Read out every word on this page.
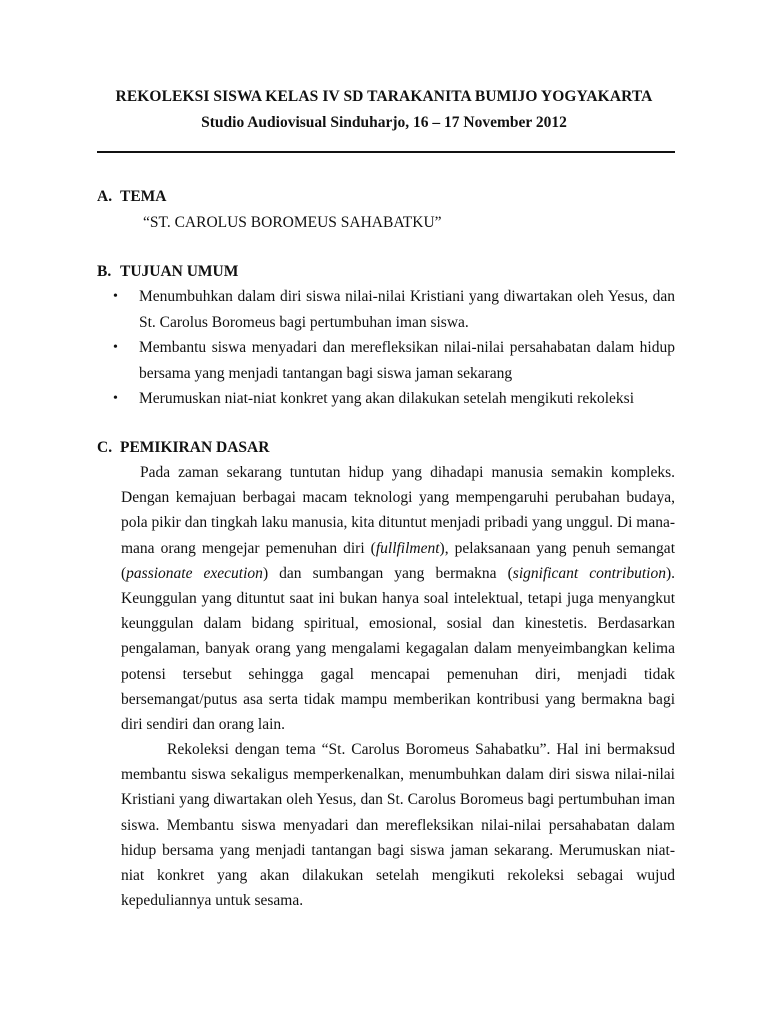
REKOLEKSI SISWA KELAS IV SD TARAKANITA BUMIJO YOGYAKARTA
Studio Audiovisual Sinduharjo, 16 – 17 November 2012
A. TEMA
“ST. CAROLUS BOROMEUS SAHABATKU”
B. TUJUAN UMUM
• Menumbuhkan dalam diri siswa nilai-nilai Kristiani yang diwartakan oleh Yesus, dan St. Carolus Boromeus bagi pertumbuhan iman siswa.
• Membantu siswa menyadari dan merefleksikan nilai-nilai persahabatan dalam hidup bersama yang menjadi tantangan bagi siswa jaman sekarang
• Merumuskan niat-niat konkret yang akan dilakukan setelah mengikuti rekoleksi
C. PEMIKIRAN DASAR

Pada zaman sekarang tuntutan hidup yang dihadapi manusia semakin kompleks. Dengan kemajuan berbagai macam teknologi yang mempengaruhi perubahan budaya, pola pikir dan tingkah laku manusia, kita dituntut menjadi pribadi yang unggul. Di mana-mana orang mengejar pemenuhan diri (fullfilment), pelaksanaan yang penuh semangat (passionate execution) dan sumbangan yang bermakna (significant contribution). Keunggulan yang dituntut saat ini bukan hanya soal intelektual, tetapi juga menyangkut keunggulan dalam bidang spiritual, emosional, sosial dan kinestetis. Berdasarkan pengalaman, banyak orang yang mengalami kegagalan dalam menyeimbangkan kelima potensi tersebut sehingga gagal mencapai pemenuhan diri, menjadi tidak bersemangat/putus asa serta tidak mampu memberikan kontribusi yang bermakna bagi diri sendiri dan orang lain.

Rekoleksi dengan tema “St. Carolus Boromeus Sahabatku”. Hal ini bermaksud membantu siswa sekaligus memperkenalkan, menumbuhkan dalam diri siswa nilai-nilai Kristiani yang diwartakan oleh Yesus, dan St. Carolus Boromeus bagi pertumbuhan iman siswa. Membantu siswa menyadari dan merefleksikan nilai-nilai persahabatan dalam hidup bersama yang menjadi tantangan bagi siswa jaman sekarang. Merumuskan niat-niat konkret yang akan dilakukan setelah mengikuti rekoleksi sebagai wujud kepeduliannya untuk sesama.
